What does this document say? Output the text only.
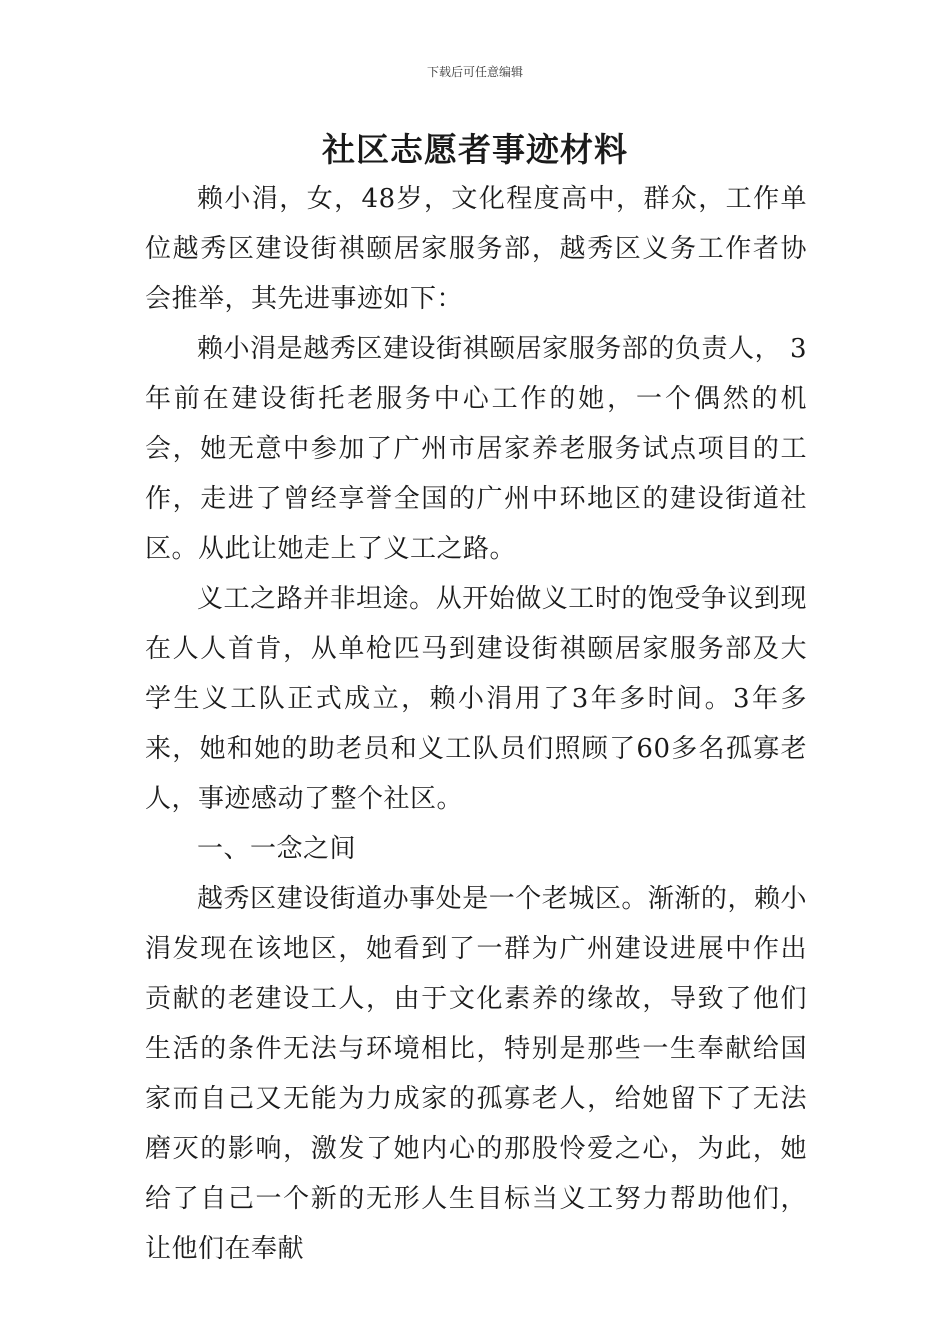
下载后可任意编辑
社区志愿者事迹材料

赖小涓，女，48岁，文化程度高中，群众，工作单位越秀区建设街祺颐居家服务部，越秀区义务工作者协会推举，其先进事迹如下：

赖小涓是越秀区建设街祺颐居家服务部的负责人， 3年前在建设街托老服务中心工作的她，一个偶然的机会，她无意中参加了广州市居家养老服务试点项目的工作，走进了曾经享誉全国的广州中环地区的建设街道社区。从此让她走上了义工之路。

义工之路并非坦途。从开始做义工时的饱受争议到现在人人首肯，从单枪匹马到建设街祺颐居家服务部及大学生义工队正式成立，赖小涓用了3年多时间。3年多来，她和她的助老员和义工队员们照顾了60多名孤寡老人，事迹感动了整个社区。

一、一念之间

越秀区建设街道办事处是一个老城区。渐渐的，赖小涓发现在该地区，她看到了一群为广州建设进展中作出贡献的老建设工人，由于文化素养的缘故，导致了他们生活的条件无法与环境相比，特别是那些一生奉献给国家而自己又无能为力成家的孤寡老人，给她留下了无法磨灭的影响，激发了她内心的那股怜爱之心，为此，她给了自己一个新的无形人生目标当义工努力帮助他们，让他们在奉献
